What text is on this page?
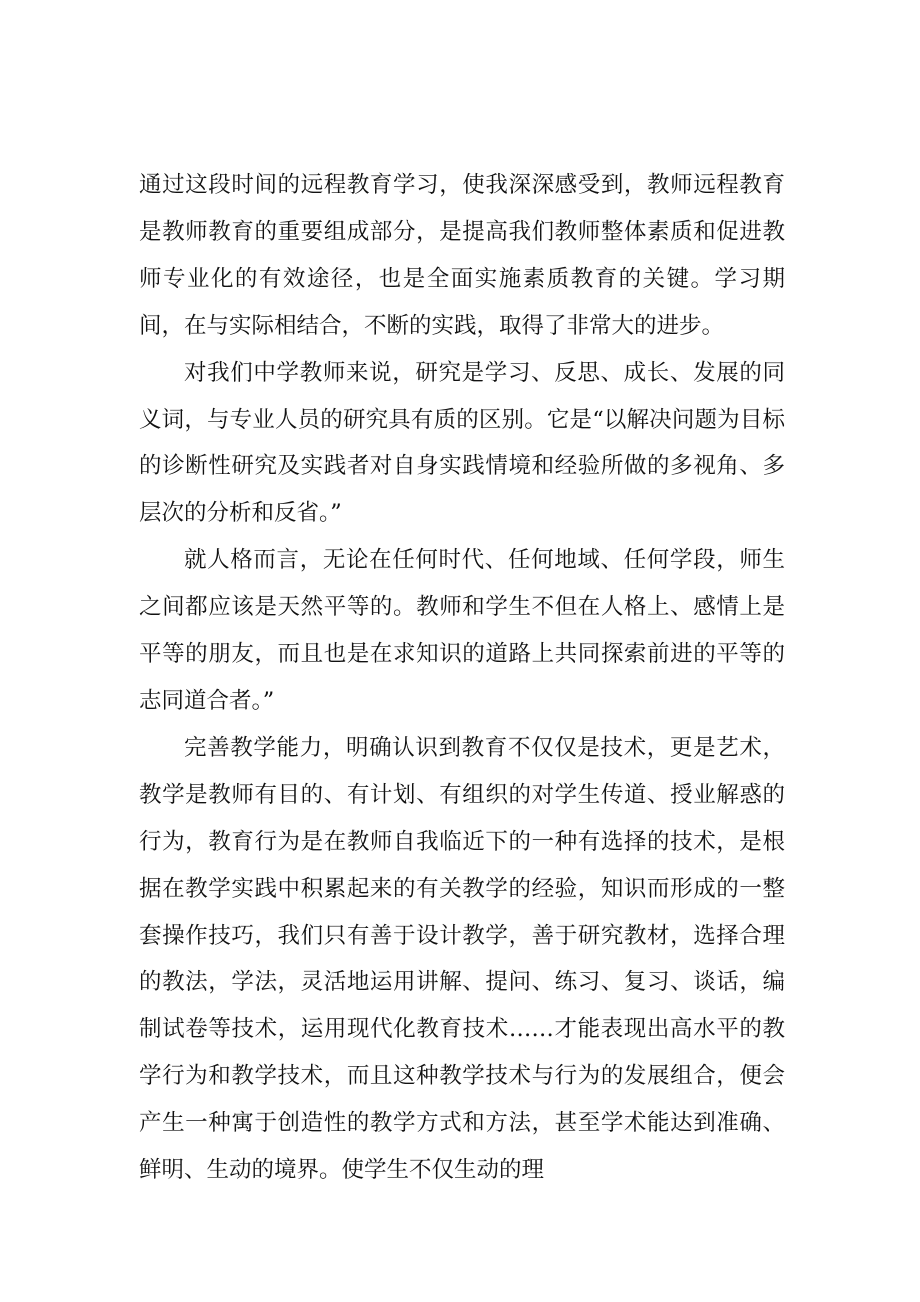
通过这段时间的远程教育学习，使我深深感受到，教师远程教育是教师教育的重要组成部分，是提高我们教师整体素质和促进教师专业化的有效途径，也是全面实施素质教育的关键。学习期间，在与实际相结合，不断的实践，取得了非常大的进步。

对我们中学教师来说，研究是学习、反思、成长、发展的同义词，与专业人员的研究具有质的区别。它是“以解决问题为目标的诊断性研究及实践者对自身实践情境和经验所做的多视角、多层次的分析和反省。”

就人格而言，无论在任何时代、任何地域、任何学段，师生之间都应该是天然平等的。教师和学生不但在人格上、感情上是平等的朋友，而且也是在求知识的道路上共同探索前进的平等的志同道合者。”

完善教学能力，明确认识到教育不仅仅是技术，更是艺术，教学是教师有目的、有计划、有组织的对学生传道、授业解惑的行为，教育行为是在教师自我临近下的一种有选择的技术，是根据在教学实践中积累起来的有关教学的经验，知识而形成的一整套操作技巧，我们只有善于设计教学，善于研究教材，选择合理的教法，学法，灵活地运用讲解、提问、练习、复习、谈话，编制试卷等技术，运用现代化教育技术……才能表现出高水平的教学行为和教学技术，而且这种教学技术与行为的发展组合，便会产生一种寓于创造性的教学方式和方法，甚至学术能达到准确、鲜明、生动的境界。使学生不仅生动的理
